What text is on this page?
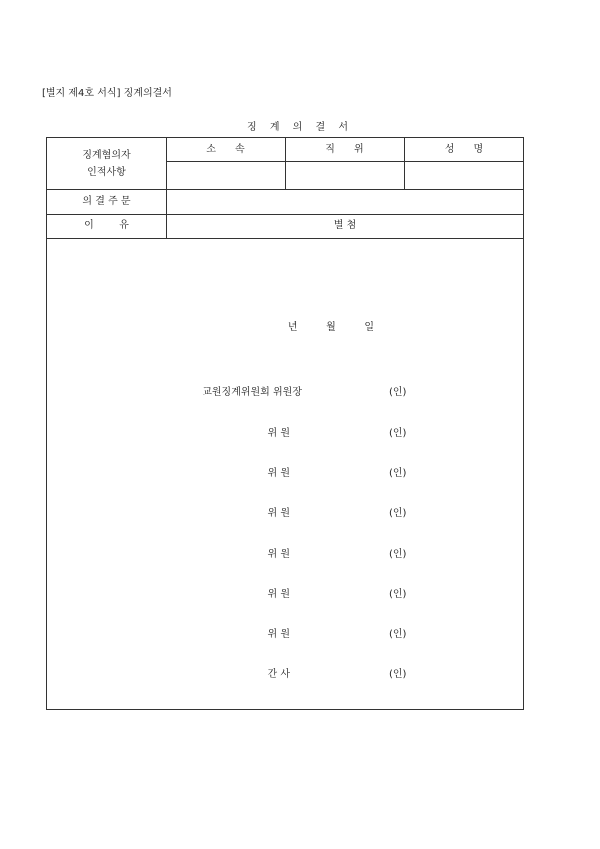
[별지 제4호 서식] 징계의결서
징 계 의 결 서
징계혐의자
인적사항
소      속	직      위	성      명
의 결 주 문
이        유	별 첨
년         월         일
교원징계위원회 위원장	(인)
위 원	(인)
위 원	(인)
위 원	(인)
위 원	(인)
위 원	(인)
위 원	(인)
간 사	(인)
